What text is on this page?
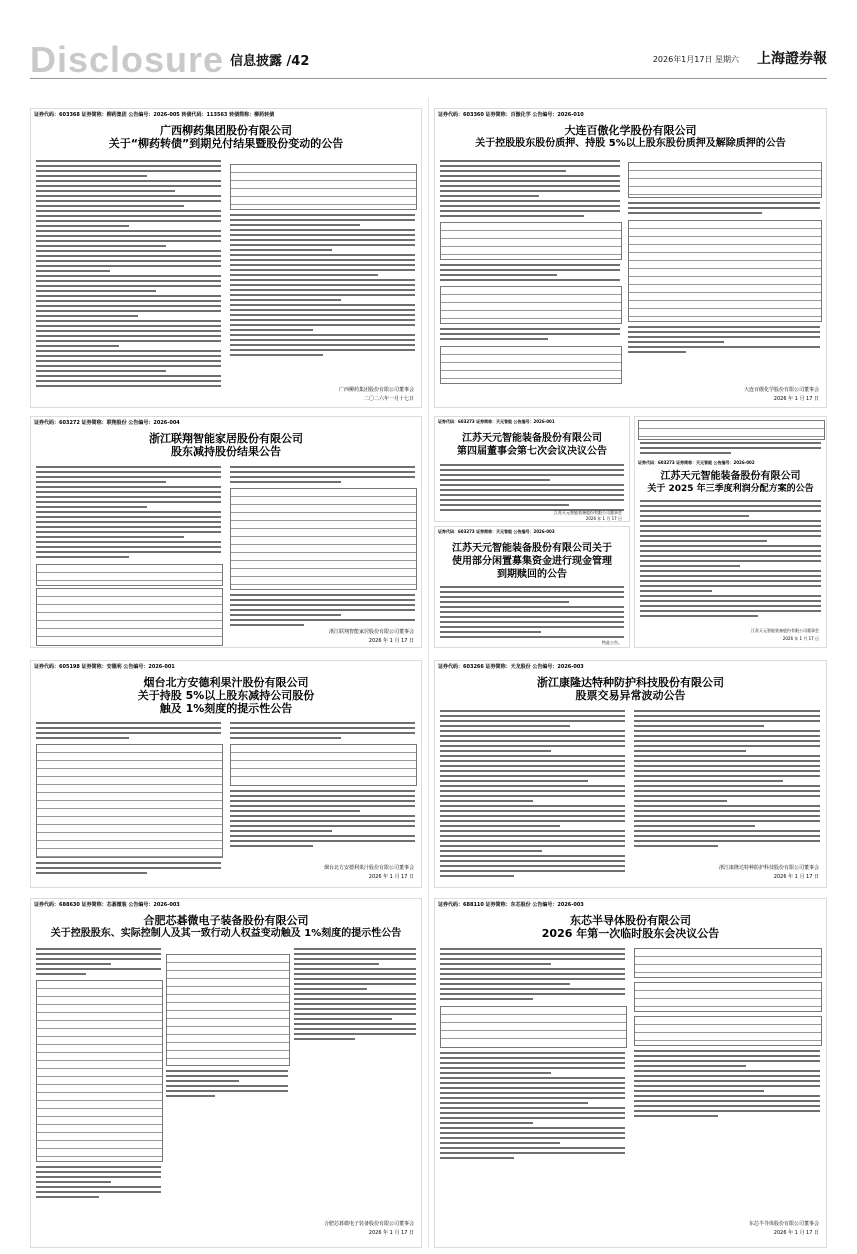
Disclosure 信息披露 /42	2026年1月17日 星期六 上海證券報
证券代码：603368 证券简称：柳药集团 公告编号：2026-005 转债代码：113563 转债简称：柳药转债
广西柳药集团股份有限公司
关于“柳药转债”到期兑付结果暨股份变动的公告
广西柳药集团股份有限公司董事会
二〇二六年一月十七日
证券代码：603360 证券简称：百傲化学 公告编号：2026-010
大连百傲化学股份有限公司
关于控股股东股份质押、持股 5%以上股东股份质押及解除质押的公告
大连百傲化学股份有限公司董事会
2026 年 1 月 17 日
证券代码：603272 证券简称：联翔股份 公告编号：2026-004
浙江联翔智能家居股份有限公司
股东减持股份结果公告
浙江联翔智能家居股份有限公司董事会
2026 年 1 月 17 日
证券代码：603273 证券简称：天元智能 公告编号：2026-001
江苏天元智能装备股份有限公司
第四届董事会第七次会议决议公告
江苏天元智能装备股份有限公司董事会
2026 年 1 月 17 日
证券代码：603273 证券简称：天元智能 公告编号：2026-003
江苏天元智能装备股份有限公司关于
使用部分闲置募集资金进行现金管理
到期赎回的公告
特此公告。
证券代码：603273 证券简称：天元智能 公告编号：2026-002
江苏天元智能装备股份有限公司
关于 2025 年三季度利润分配方案的公告
江苏天元智能装备股份有限公司董事会
2026 年 1 月 17 日
证券代码：605198 证券简称：安德利 公告编号：2026-001
烟台北方安德利果汁股份有限公司
关于持股 5%以上股东减持公司股份
触及 1%刻度的提示性公告
烟台北方安德利果汁股份有限公司董事会
2026 年 1 月 17 日
证券代码：603266 证券简称：天龙股份 公告编号：2026-003
浙江康隆达特种防护科技股份有限公司
股票交易异常波动公告
浙江康隆达特种防护科技股份有限公司董事会
2026 年 1 月 17 日
证券代码：688630 证券简称：芯碁微装 公告编号：2026-003
合肥芯碁微电子装备股份有限公司
关于控股股东、实际控制人及其一致行动人权益变动触及 1%刻度的提示性公告
合肥芯碁微电子装备股份有限公司董事会
2026 年 1 月 17 日
证券代码：688110 证券简称：东芯股份 公告编号：2026-003
东芯半导体股份有限公司
2026 年第一次临时股东会决议公告
东芯半导体股份有限公司董事会
2026 年 1 月 17 日
